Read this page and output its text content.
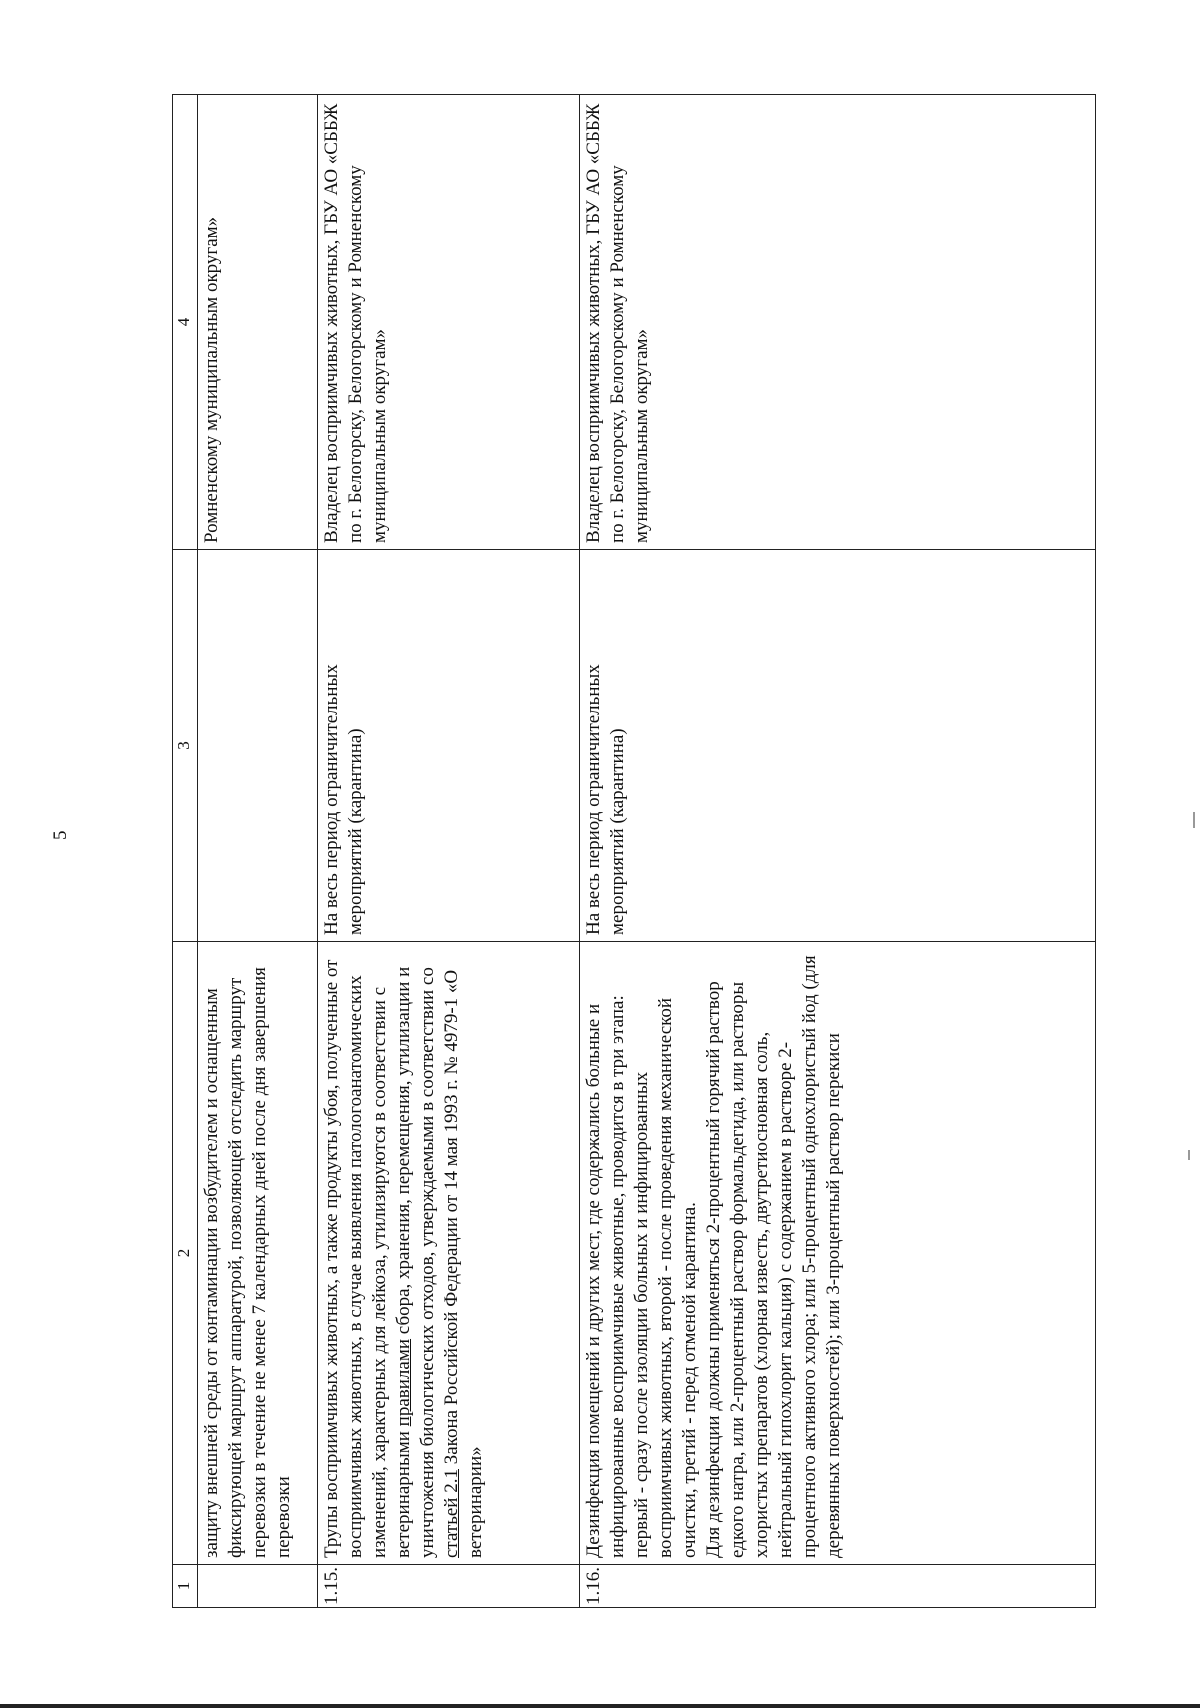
5
1	2	3	4
	защиту внешней среды от контаминации возбудителем и оснащенным фиксирующей маршрут аппаратурой, позволяющей отследить маршрут перевозки в течение не менее 7 календарных дней после дня завершения перевозки		Ромненскому муниципальным округам»
1.15.	Трупы восприимчивых животных, а также продукты убоя, полученные от восприимчивых животных, в случае выявления патологоанатомических изменений, характерных для лейкоза, утилизируются в соответствии с ветеринарными правилами сбора, хранения, перемещения, утилизации и уничтожения биологических отходов, утверждаемыми в соответствии со статьей 2.1 Закона Российской Федерации от 14 мая 1993 г. № 4979-1 «О ветеринарии»	На весь период ограничительных мероприятий (карантина)	Владелец восприимчивых животных, ГБУ АО «СББЖ по г. Белогорску, Белогорскому и Ромненскому муниципальным округам»
1.16.	Дезинфекция помещений и других мест, где содержались больные и инфицированные восприимчивые животные, проводится в три этапа: первый - сразу после изоляции больных и инфицированных восприимчивых животных, второй - после проведения механической очистки, третий - перед отменой карантина. Для дезинфекции должны применяться 2-процентный горячий раствор едкого натра, или 2-процентный раствор формальдегида, или растворы хлористых препаратов (хлорная известь, двутретиосновная соль, нейтральный гипохлорит кальция) с содержанием в растворе 2-процентного активного хлора; или 5-процентный однохлористый йод (для деревянных поверхностей); или 3-процентный раствор перекиси	На весь период ограничительных мероприятий (карантина)	Владелец восприимчивых животных, ГБУ АО «СББЖ по г. Белогорску, Белогорскому и Ромненскому муниципальным округам»
